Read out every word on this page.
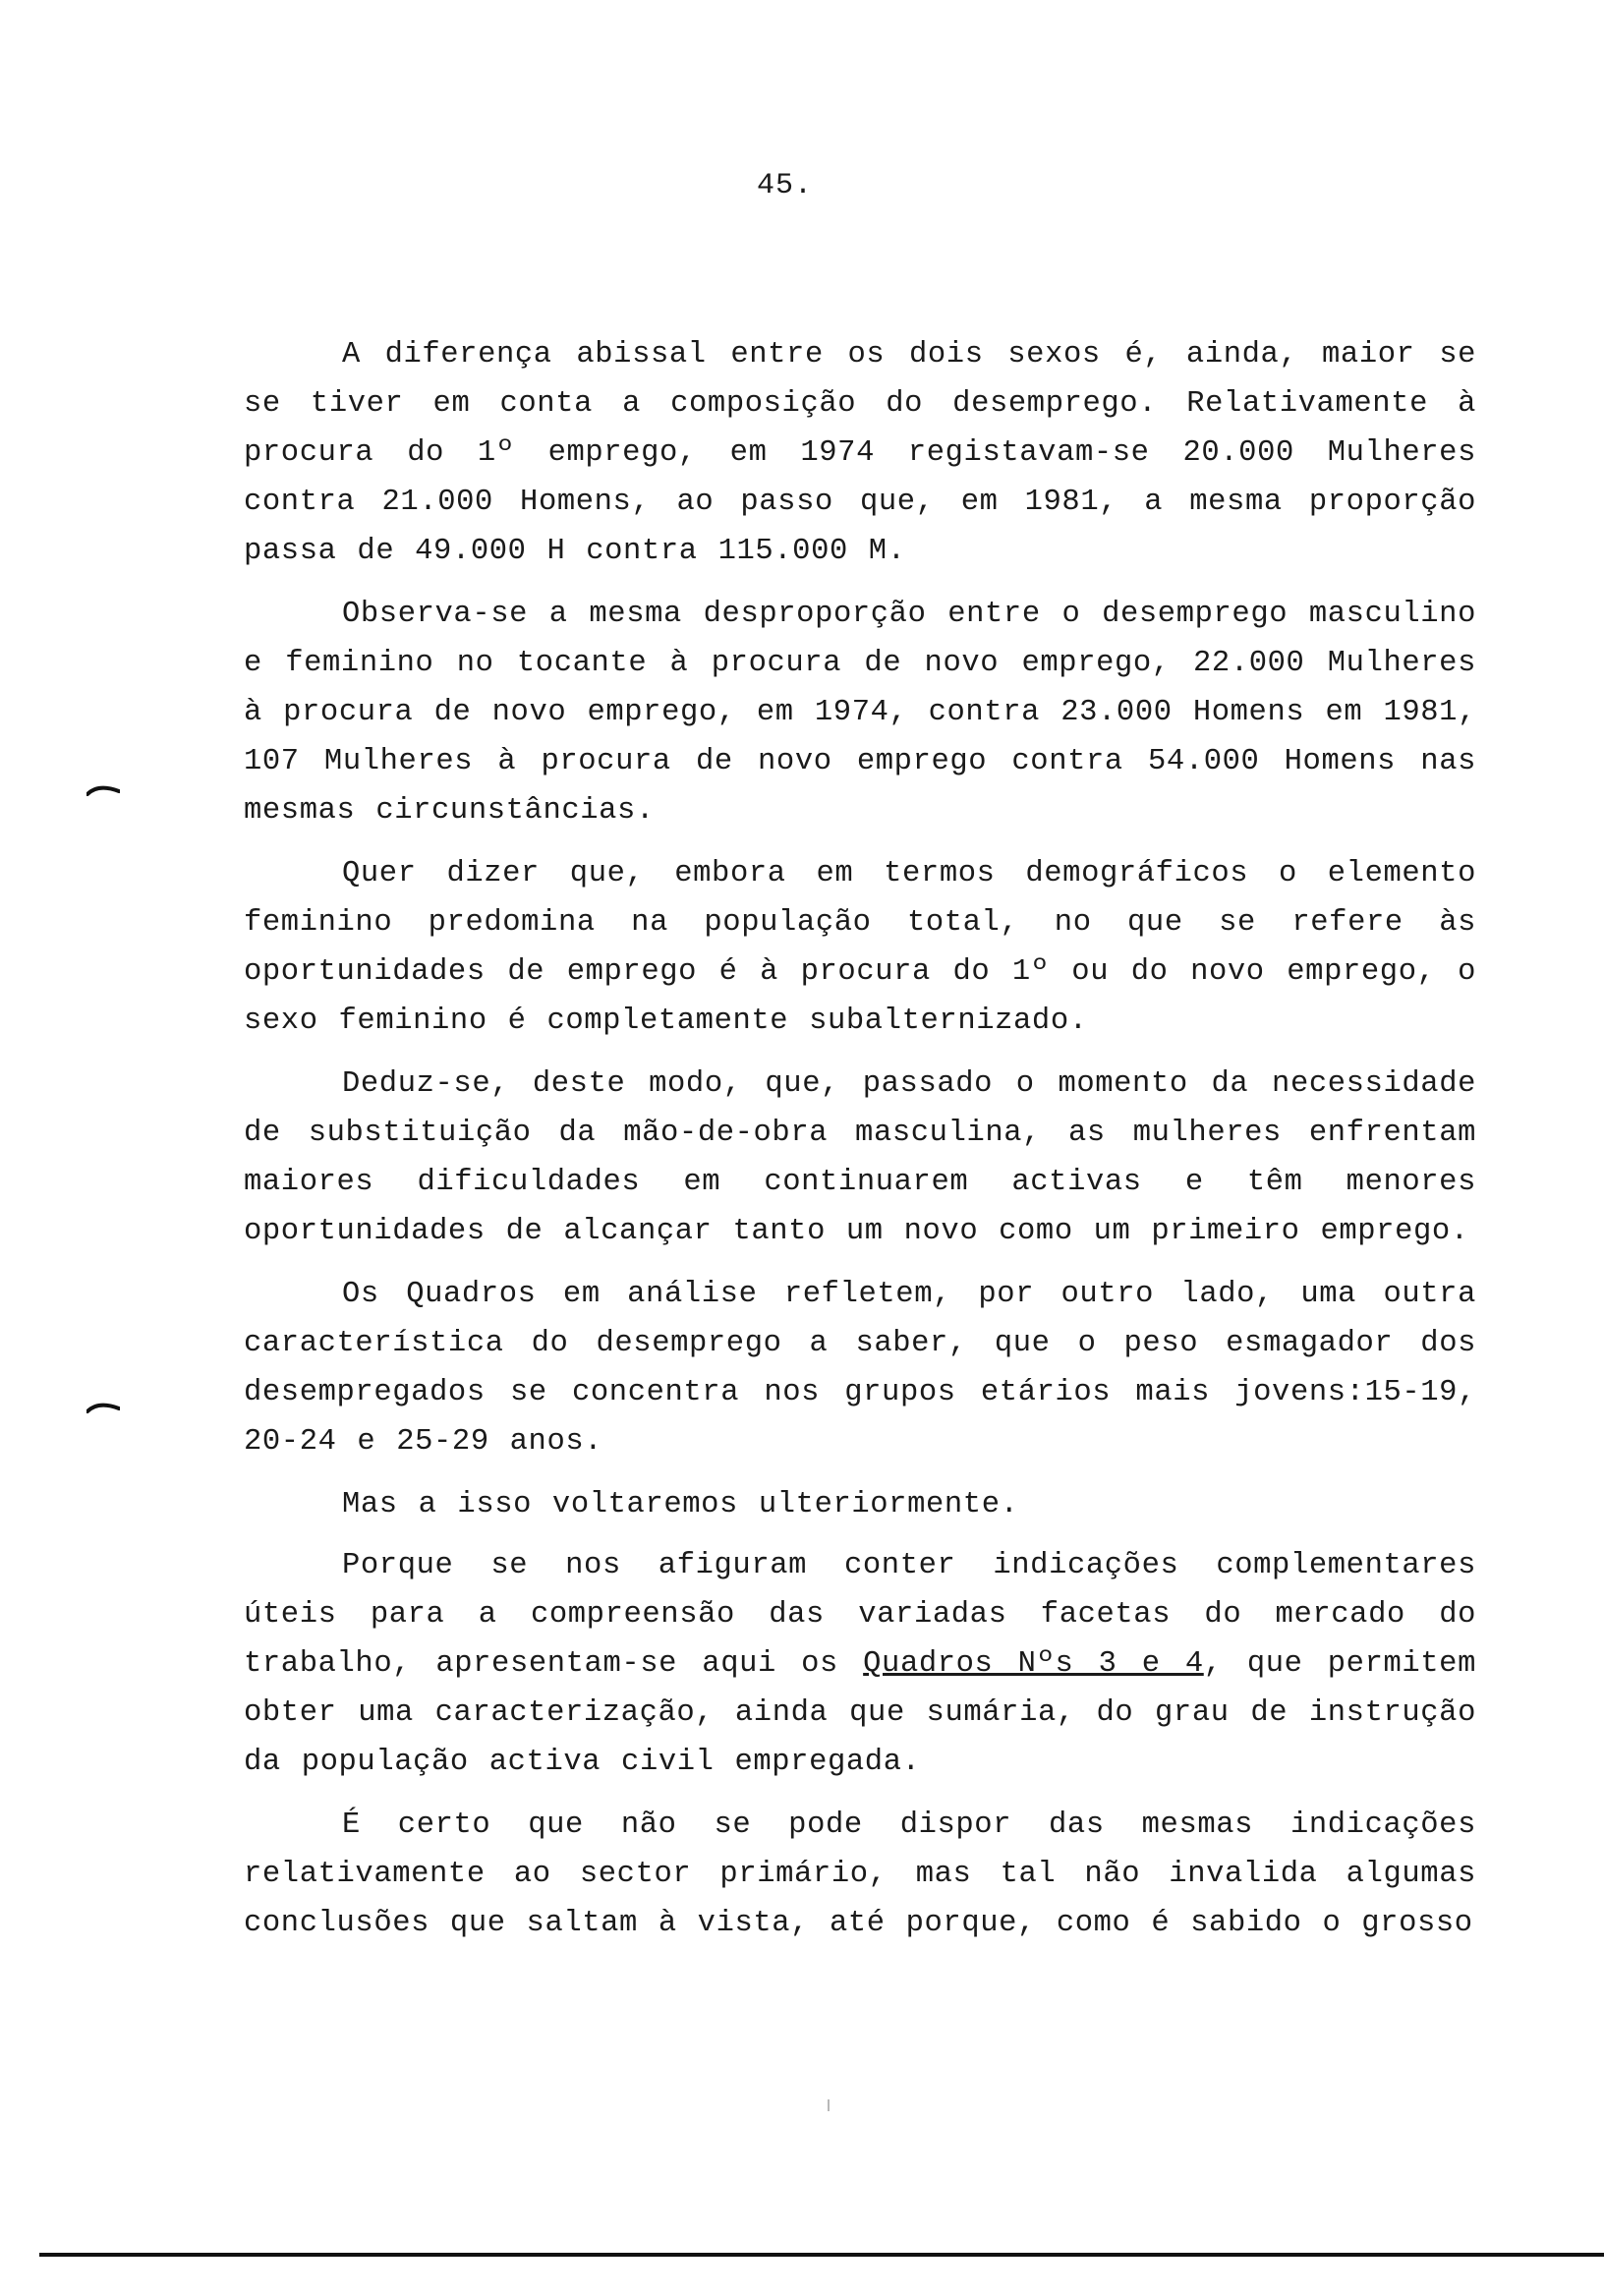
45.

A diferença abissal entre os dois sexos é, ainda, maior se se tiver em conta a composição do desemprego. Relativamente à procura do 1º emprego, em 1974 registavam-se 20.000 Mulheres contra 21.000 Homens, ao passo que, em 1981, a mesma proporção passa de 49.000 H contra 115.000 M.

Observa-se a mesma desproporção entre o desemprego masculino e feminino no tocante à procura de novo emprego, 22.000 Mulheres à procura de novo emprego, em 1974, contra 23.000 Homens em 1981, 107 Mulheres à procura de novo emprego contra 54.000 Homens nas mesmas circunstâncias.

Quer dizer que, embora em termos demográficos o elemento feminino predomina na população total, no que se refere às oportunidades de emprego é à procura do 1º ou do novo emprego, o sexo feminino é completamente subalternizado.

Deduz-se, deste modo, que, passado o momento da necessidade de substituição da mão-de-obra masculina, as mulheres enfrentam maiores dificuldades em continuarem activas e têm menores oportunidades de alcançar tanto um novo como um primeiro emprego.

Os Quadros em análise refletem, por outro lado, uma outra característica do desemprego a saber, que o peso esmagador dos desempregados se concentra nos grupos etários mais jovens:15-19, 20-24 e 25-29 anos.

Mas a isso voltaremos ulteriormente.

Porque se nos afiguram conter indicações complementares úteis para a compreensão das variadas facetas do mercado do trabalho, apresentam-se aqui os Quadros Nºs 3 e 4, que permitem obter uma caracterização, ainda que sumária, do grau de instrução da população activa civil empregada.

É certo que não se pode dispor das mesmas indicações relativamente ao sector primário, mas tal não invalida algumas conclusões que saltam à vista, até porque, como é sabido o grosso
